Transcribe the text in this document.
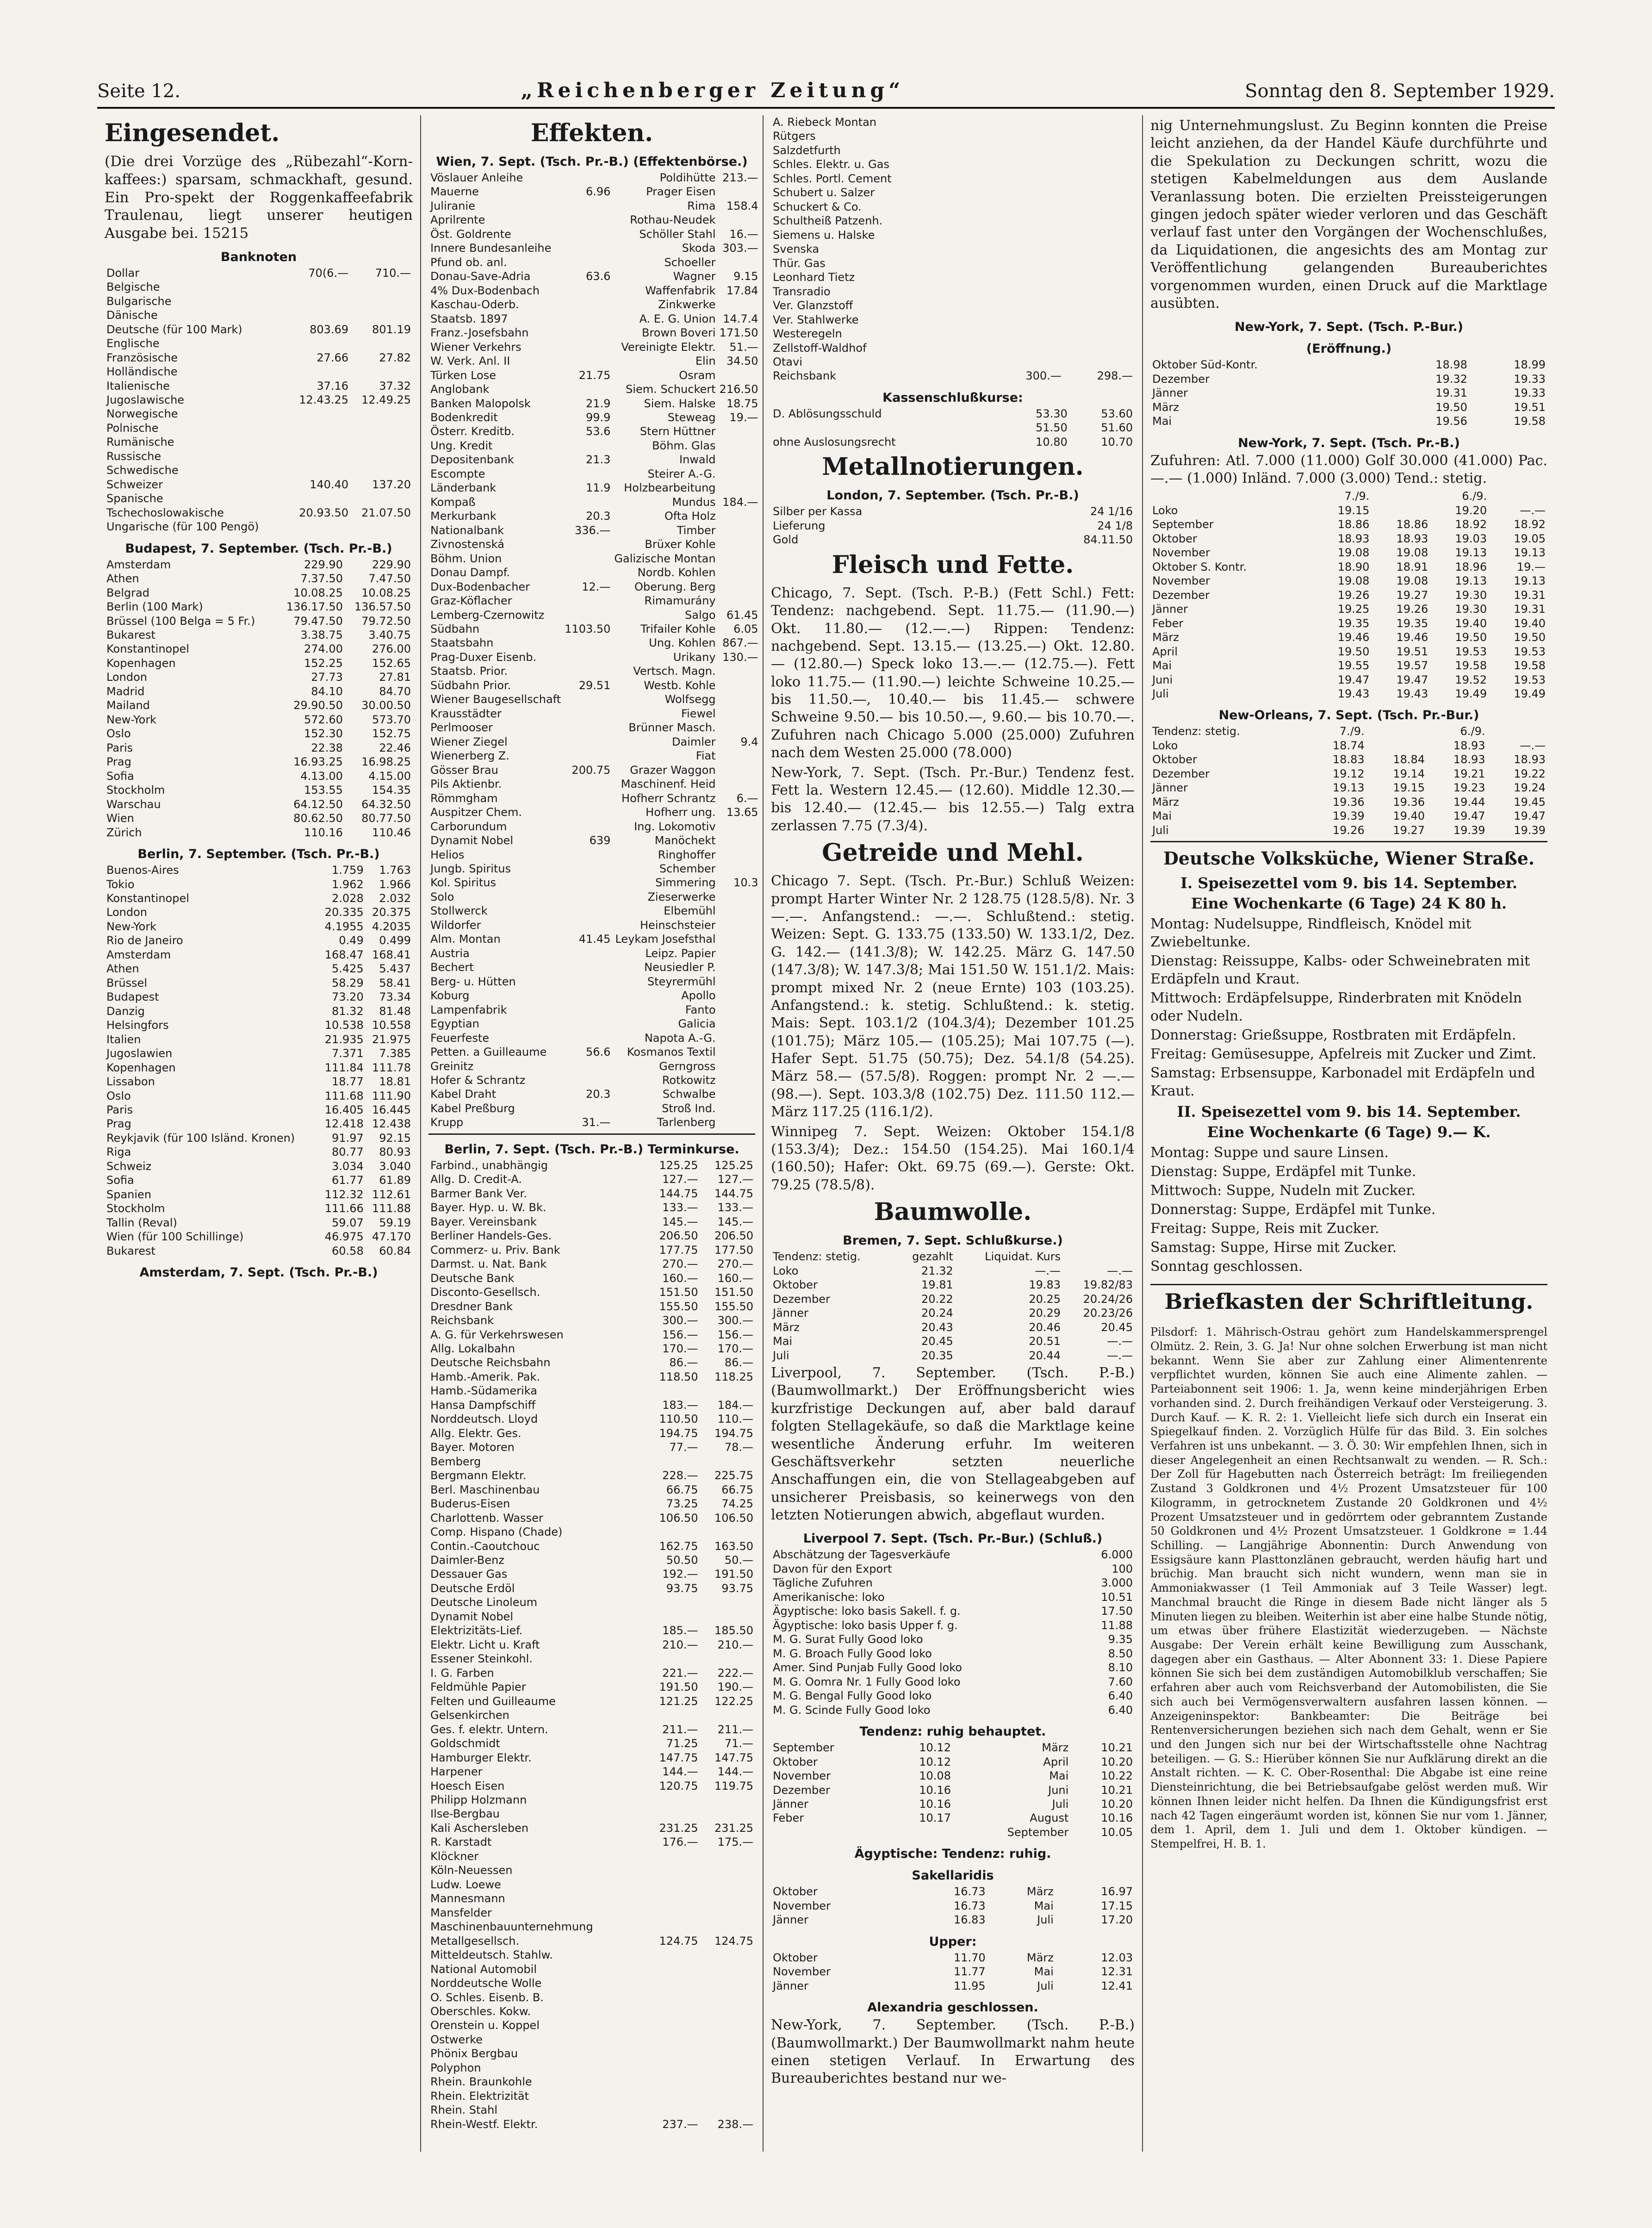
Seite 12.	„Reichenberger Zeitung“	Sonntag den 8. September 1929.
Eingesendet.

(Die drei Vorzüge des „Rübezahl“-Korn-kaffees:) sparsam, schmackhaft, gesund. Ein Pro-spekt der Roggenkaffeefabrik Traulenau, liegt unserer heutigen Ausgabe bei. 15215

Banknoten
Dollar	70(6.—	710.—
Belgische		
Bulgarische		
Dänische		
Deutsche (für 100 Mark)	803.69	801.19
Englische		
Französische	27.66	27.82
Holländische		
Italienische	37.16	37.32
Jugoslawische	12.43.25	12.49.25
Norwegische		
Polnische		
Rumänische		
Russische		
Schwedische		
Schweizer	140.40	137.20
Spanische		
Tschechoslowakische	20.93.50	21.07.50
Ungarische (für 100 Pengö)		
Budapest, 7. September. (Tsch. Pr.-B.)
Amsterdam	229.90	229.90
Athen	7.37.50	7.47.50
Belgrad	10.08.25	10.08.25
Berlin (100 Mark)	136.17.50	136.57.50
Brüssel (100 Belga = 5 Fr.)	79.47.50	79.72.50
Bukarest	3.38.75	3.40.75
Konstantinopel	274.00	276.00
Kopenhagen	152.25	152.65
London	27.73	27.81
Madrid	84.10	84.70
Mailand	29.90.50	30.00.50
New-York	572.60	573.70
Oslo	152.30	152.75
Paris	22.38	22.46
Prag	16.93.25	16.98.25
Sofia	4.13.00	4.15.00
Stockholm	153.55	154.35
Warschau	64.12.50	64.32.50
Wien	80.62.50	80.77.50
Zürich	110.16	110.46
Berlin, 7. September. (Tsch. Pr.-B.)
Buenos-Aires	1.759	1.763
Tokio	1.962	1.966
Konstantinopel	2.028	2.032
London	20.335	20.375
New-York	4.1955	4.2035
Rio de Janeiro	0.49	0.499
Amsterdam	168.47	168.41
Athen	5.425	5.437
Brüssel	58.29	58.41
Budapest	73.20	73.34
Danzig	81.32	81.48
Helsingfors	10.538	10.558
Italien	21.935	21.975
Jugoslawien	7.371	7.385
Kopenhagen	111.84	111.78
Lissabon	18.77	18.81
Oslo	111.68	111.90
Paris	16.405	16.445
Prag	12.418	12.438
Reykjavik (für 100 Isländ. Kronen)	91.97	92.15
Riga	80.77	80.93
Schweiz	3.034	3.040
Sofia	61.77	61.89
Spanien	112.32	112.61
Stockholm	111.66	111.88
Tallin (Reval)	59.07	59.19
Wien (für 100 Schillinge)	46.975	47.170
Bukarest	60.58	60.84
Amsterdam, 7. Sept. (Tsch. Pr.-B.)
Effekten.
Wien, 7. Sept. (Tsch. Pr.-B.) (Effektenbörse.)
Vöslauer Anleihe		Poldihütte	213.—
Mauerne	6.96	Prager Eisen	
Juliranie		Rima	158.4
Aprilrente		Rothau-Neudek	
Öst. Goldrente		Schöller Stahl	16.—
Innere Bundesanleihe		Skoda	303.—
Pfund ob. anl.		Schoeller	
Donau-Save-Adria	63.6	Wagner	9.15
4% Dux-Bodenbach		Waffenfabrik	17.84
Kaschau-Oderb.		Zinkwerke	
Staatsb. 1897		A. E. G. Union	14.7.4
Franz.-Josefsbahn		Brown Boveri	171.50
Wiener Verkehrs		Vereinigte Elektr.	51.—
W. Verk. Anl. II		Elin	34.50
Türken Lose	21.75	Osram	
Anglobank		Siem. Schuckert	216.50
Banken Malopolsk	21.9	Siem. Halske	18.75
Bodenkredit	99.9	Steweag	19.—
Österr. Kreditb.	53.6	Stern Hüttner	
Ung. Kredit		Böhm. Glas	
Depositenbank	21.3	Inwald	
Escompte		Steirer A.-G.	
Länderbank	11.9	Holzbearbeitung	
Kompaß		Mundus	184.—
Merkurbank	20.3	Ofta Holz	
Nationalbank	336.—	Timber	
Zivnostenská		Brüxer Kohle	
Böhm. Union		Galizische Montan	
Donau Dampf.		Nordb. Kohlen	
Dux-Bodenbacher	12.—	Oberung. Berg	
Graz-Köflacher		Rimamurány	
Lemberg-Czernowitz		Salgo	61.45
Südbahn	1103.50	Trifailer Kohle	6.05
Staatsbahn		Ung. Kohlen	867.—
Prag-Duxer Eisenb.		Urikany	130.—
Staatsb. Prior.		Vertsch. Magn.	
Südbahn Prior.	29.51	Westb. Kohle	
Wiener Baugesellschaft		Wolfsegg	
Krausstädter		Fiewel	
Perlmooser		Brünner Masch.	
Wiener Ziegel		Daimler	9.4
Wienerberg Z.		Fiat	
Gösser Brau	200.75	Grazer Waggon	
Pils Aktienbr.		Maschinenf. Heid	
Römmgham		Hofherr Schrantz	6.—
Auspitzer Chem.		Hofherr ung.	13.65
Carborundum		Ing. Lokomotiv	
Dynamit Nobel	639	Manöchekt	
Helios		Ringhoffer	
Jungb. Spiritus		Schember	
Kol. Spiritus		Simmering	10.3
Solo		Zieserwerke	
Stollwerck		Elbemühl	
Wildorfer		Heinschsteier	
Alm. Montan	41.45	Leykam Josefsthal	
Austria		Leipz. Papier	
Bechert		Neusiedler P.	
Berg- u. Hütten		Steyrermühl	
Koburg		Apollo	
Lampenfabrik		Fanto	
Egyptian		Galicia	
Feuerfeste		Napota A.-G.	
Petten. a Guilleaume	56.6	Kosmanos Textil	
Greinitz		Gerngross	
Hofer & Schrantz		Rotkowitz	
Kabel Draht	20.3	Schwalbe	
Kabel Preßburg		Stroß Ind.	
Krupp	31.—	Tarlenberg	
Berlin, 7. Sept. (Tsch. Pr.-B.) Terminkurse.
Farbind., unabhängig	125.25	125.25
Allg. D. Credit-A.	127.—	127.—
Barmer Bank Ver.	144.75	144.75
Bayer. Hyp. u. W. Bk.	133.—	133.—
Bayer. Vereinsbank	145.—	145.—
Berliner Handels-Ges.	206.50	206.50
Commerz- u. Priv. Bank	177.75	177.50
Darmst. u. Nat. Bank	270.—	270.—
Deutsche Bank	160.—	160.—
Disconto-Gesellsch.	151.50	151.50
Dresdner Bank	155.50	155.50
Reichsbank	300.—	300.—
A. G. für Verkehrswesen	156.—	156.—
Allg. Lokalbahn	170.—	170.—
Deutsche Reichsbahn	86.—	86.—
Hamb.-Amerik. Pak.	118.50	118.25
Hamb.-Südamerika		
Hansa Dampfschiff	183.—	184.—
Norddeutsch. Lloyd	110.50	110.—
Allg. Elektr. Ges.	194.75	194.75
Bayer. Motoren	77.—	78.—
Bemberg		
Bergmann Elektr.	228.—	225.75
Berl. Maschinenbau	66.75	66.75
Buderus-Eisen	73.25	74.25
Charlottenb. Wasser	106.50	106.50
Comp. Hispano (Chade)		
Contin.-Caoutchouc	162.75	163.50
Daimler-Benz	50.50	50.—
Dessauer Gas	192.—	191.50
Deutsche Erdöl	93.75	93.75
Deutsche Linoleum		
Dynamit Nobel		
Elektrizitäts-Lief.	185.—	185.50
Elektr. Licht u. Kraft	210.—	210.—
Essener Steinkohl.		
I. G. Farben	221.—	222.—
Feldmühle Papier	191.50	190.—
Felten und Guilleaume	121.25	122.25
Gelsenkirchen		
Ges. f. elektr. Untern.	211.—	211.—
Goldschmidt	71.25	71.—
Hamburger Elektr.	147.75	147.75
Harpener	144.—	144.—
Hoesch Eisen	120.75	119.75
Philipp Holzmann		
Ilse-Bergbau		
Kali Aschersleben	231.25	231.25
R. Karstadt	176.—	175.—
Klöckner		
Köln-Neuessen		
Ludw. Loewe		
Mannesmann		
Mansfelder		
Maschinenbauunternehmung		
Metallgesellsch.	124.75	124.75
Mitteldeutsch. Stahlw.		
National Automobil		
Norddeutsche Wolle		
O. Schles. Eisenb. B.		
Oberschles. Kokw.		
Orenstein u. Koppel		
Ostwerke		
Phönix Bergbau		
Polyphon		
Rhein. Braunkohle		
Rhein. Elektrizität		
Rhein. Stahl		
Rhein-Westf. Elektr.	237.—	238.—
A. Riebeck Montan		
Rütgers		
Salzdetfurth		
Schles. Elektr. u. Gas		
Schles. Portl. Cement		
Schubert u. Salzer		
Schuckert & Co.		
Schultheiß Patzenh.		
Siemens u. Halske		
Svenska		
Thür. Gas		
Leonhard Tietz		
Transradio		
Ver. Glanzstoff		
Ver. Stahlwerke		
Westeregeln		
Zellstoff-Waldhof		
Otavi		
Reichsbank	300.—	298.—
Kassenschlußkurse:
D. Ablösungsschuld	53.30	53.60
	51.50	51.60
ohne Auslosungsrecht	10.80	10.70
Metallnotierungen.
London, 7. September. (Tsch. Pr.-B.)
Silber per Kassa	24 1/16
Lieferung	24 1/8
Gold	84.11.50
Fleisch und Fette.

Chicago, 7. Sept. (Tsch. P.-B.) (Fett Schl.) Fett: Tendenz: nachgebend. Sept. 11.75.— (11.90.—) Okt. 11.80.— (12.—.—) Rippen: Tendenz: nachgebend. Sept. 13.15.— (13.25.—) Okt. 12.80.— (12.80.—) Speck loko 13.—.— (12.75.—). Fett loko 11.75.— (11.90.—) leichte Schweine 10.25.— bis 11.50.—, 10.40.— bis 11.45.— schwere Schweine 9.50.— bis 10.50.—, 9.60.— bis 10.70.—. Zufuhren nach Chicago 5.000 (25.000) Zufuhren nach dem Westen 25.000 (78.000)

New-York, 7. Sept. (Tsch. Pr.-Bur.) Tendenz fest. Fett la. Western 12.45.— (12.60). Middle 12.30.— bis 12.40.— (12.45.— bis 12.55.—) Talg extra zerlassen 7.75 (7.3/4).

Getreide und Mehl.

Chicago 7. Sept. (Tsch. Pr.-Bur.) Schluß Weizen: prompt Harter Winter Nr. 2 128.75 (128.5/8). Nr. 3 —.—. Anfangstend.: —.—. Schlußtend.: stetig. Weizen: Sept. G. 133.75 (133.50) W. 133.1/2, Dez. G. 142.— (141.3/8); W. 142.25. März G. 147.50 (147.3/8); W. 147.3/8; Mai 151.50 W. 151.1/2. Mais: prompt mixed Nr. 2 (neue Ernte) 103 (103.25). Anfangstend.: k. stetig. Schlußtend.: k. stetig. Mais: Sept. 103.1/2 (104.3/4); Dezember 101.25 (101.75); März 105.— (105.25); Mai 107.75 (—). Hafer Sept. 51.75 (50.75); Dez. 54.1/8 (54.25). März 58.— (57.5/8). Roggen: prompt Nr. 2 —.— (98.—). Sept. 103.3/8 (102.75) Dez. 111.50 112.— März 117.25 (116.1/2).

Winnipeg 7. Sept. Weizen: Oktober 154.1/8 (153.3/4); Dez.: 154.50 (154.25). Mai 160.1/4 (160.50); Hafer: Okt. 69.75 (69.—). Gerste: Okt. 79.25 (78.5/8).

Baumwolle.
Bremen, 7. Sept. Schlußkurse.)
Tendenz: stetig.	gezahlt	Liquidat. Kurs	
Loko	21.32	—.—	—.—
Oktober	19.81	19.83	19.82/83
Dezember	20.22	20.25	20.24/26
Jänner	20.24	20.29	20.23/26
März	20.43	20.46	20.45
Mai	20.45	20.51	—.—
Juli	20.35	20.44	—.—

Liverpool, 7. September. (Tsch. P.-B.) (Baumwollmarkt.) Der Eröffnungsbericht wies kurzfristige Deckungen auf, aber bald darauf folgten Stellagekäufe, so daß die Marktlage keine wesentliche Änderung erfuhr. Im weiteren Geschäftsverkehr setzten neuerliche Anschaffungen ein, die von Stellageabgeben auf unsicherer Preisbasis, so keinerwegs von den letzten Notierungen abwich, abgeflaut wurden.

Liverpool 7. Sept. (Tsch. Pr.-Bur.) (Schluß.)
Abschätzung der Tagesverkäufe	6.000
Davon für den Export	100
Tägliche Zufuhren	3.000
Amerikanische: loko	10.51
Ägyptische: loko basis Sakell. f. g.	17.50
Ägyptische: loko basis Upper f. g.	11.88
M. G. Surat Fully Good loko	9.35
M. G. Broach Fully Good loko	8.50
Amer. Sind Punjab Fully Good loko	8.10
M. G. Oomra Nr. 1 Fully Good loko	7.60
M. G. Bengal Fully Good loko	6.40
M. G. Scinde Fully Good loko	6.40
Tendenz: ruhig behauptet.
September	10.12	März	10.21
Oktober	10.12	April	10.20
November	10.08	Mai	10.22
Dezember	10.16	Juni	10.21
Jänner	10.16	Juli	10.20
Feber	10.17	August	10.16
		September	10.05
Ägyptische: Tendenz: ruhig.
Sakellaridis
Oktober	16.73	März	16.97
November	16.73	Mai	17.15
Jänner	16.83	Juli	17.20
Upper:
Oktober	11.70	März	12.03
November	11.77	Mai	12.31
Jänner	11.95	Juli	12.41
Alexandria geschlossen.

New-York, 7. September. (Tsch. P.-B.) (Baumwollmarkt.) Der Baumwollmarkt nahm heute einen stetigen Verlauf. In Erwartung des Bureauberichtes bestand nur we-

nig Unternehmungslust. Zu Beginn konnten die Preise leicht anziehen, da der Handel Käufe durchführte und die Spekulation zu Deckungen schritt, wozu die stetigen Kabelmeldungen aus dem Auslande Veranlassung boten. Die erzielten Preissteigerungen gingen jedoch später wieder verloren und das Geschäft verlauf fast unter den Vorgängen der Wochenschlußes, da Liquidationen, die angesichts des am Montag zur Veröffentlichung gelangenden Bureauberichtes vorgenommen wurden, einen Druck auf die Marktlage ausübten.

New-York, 7. Sept. (Tsch. P.-Bur.)
(Eröffnung.)
Oktober Süd-Kontr.	18.98	18.99
Dezember	19.32	19.33
Jänner	19.31	19.33
März	19.50	19.51
Mai	19.56	19.58
New-York, 7. Sept. (Tsch. Pr.-B.)

Zufuhren: Atl. 7.000 (11.000) Golf 30.000 (41.000) Pac. —.— (1.000) Inländ. 7.000 (3.000) Tend.: stetig.

	7./9.		6./9.	
Loko	19.15		19.20	—.—
September	18.86	18.86	18.92	18.92
Oktober	18.93	18.93	19.03	19.05
November	19.08	19.08	19.13	19.13
Oktober S. Kontr.	18.90	18.91	18.96	19.—
November	19.08	19.08	19.13	19.13
Dezember	19.26	19.27	19.30	19.31
Jänner	19.25	19.26	19.30	19.31
Feber	19.35	19.35	19.40	19.40
März	19.46	19.46	19.50	19.50
April	19.50	19.51	19.53	19.53
Mai	19.55	19.57	19.58	19.58
Juni	19.47	19.47	19.52	19.53
Juli	19.43	19.43	19.49	19.49
New-Orleans, 7. Sept. (Tsch. Pr.-Bur.)
Tendenz: stetig.	7./9.		6./9.	
Loko	18.74		18.93	—.—
Oktober	18.83	18.84	18.93	18.93
Dezember	19.12	19.14	19.21	19.22
Jänner	19.13	19.15	19.23	19.24
März	19.36	19.36	19.44	19.45
Mai	19.39	19.40	19.47	19.47
Juli	19.26	19.27	19.39	19.39
Deutsche Volksküche, Wiener Straße.
I. Speisezettel vom 9. bis 14. September.
Eine Wochenkarte (6 Tage) 24 K 80 h.

Montag: Nudelsuppe, Rindfleisch, Knödel mit Zwiebeltunke.

Dienstag: Reissuppe, Kalbs- oder Schweinebraten mit Erdäpfeln und Kraut.

Mittwoch: Erdäpfelsuppe, Rinderbraten mit Knödeln oder Nudeln.

Donnerstag: Grießsuppe, Rostbraten mit Erdäpfeln.

Freitag: Gemüsesuppe, Apfelreis mit Zucker und Zimt.

Samstag: Erbsensuppe, Karbonadel mit Erdäpfeln und Kraut.

II. Speisezettel vom 9. bis 14. September.
Eine Wochenkarte (6 Tage) 9.— K.

Montag: Suppe und saure Linsen.

Dienstag: Suppe, Erdäpfel mit Tunke.

Mittwoch: Suppe, Nudeln mit Zucker.

Donnerstag: Suppe, Erdäpfel mit Tunke.

Freitag: Suppe, Reis mit Zucker.

Samstag: Suppe, Hirse mit Zucker.

Sonntag geschlossen.

Briefkasten der Schriftleitung.

Pilsdorf: 1. Mährisch-Ostrau gehört zum Handelskammersprengel Olmütz. 2. Rein, 3. G. Ja! Nur ohne solchen Erwerbung ist man nicht bekannt. Wenn Sie aber zur Zahlung einer Alimentenrente verpflichtet wurden, können Sie auch eine Alimente zahlen. — Parteiabonnent seit 1906: 1. Ja, wenn keine minderjährigen Erben vorhanden sind. 2. Durch freihändigen Verkauf oder Versteigerung. 3. Durch Kauf. — K. R. 2: 1. Vielleicht liefe sich durch ein Inserat ein Spiegelkauf finden. 2. Vorzüglich Hülfe für das Bild. 3. Ein solches Verfahren ist uns unbekannt. — 3. Ö. 30: Wir empfehlen Ihnen, sich in dieser Angelegenheit an einen Rechtsanwalt zu wenden. — R. Sch.: Der Zoll für Hagebutten nach Österreich beträgt: Im freiliegenden Zustand 3 Goldkronen und 4½ Prozent Umsatzsteuer für 100 Kilogramm, in getrocknetem Zustande 20 Goldkronen und 4½ Prozent Umsatzsteuer und in gedörrtem oder gebranntem Zustande 50 Goldkronen und 4½ Prozent Umsatzsteuer. 1 Goldkrone = 1.44 Schilling. — Langjährige Abonnentin: Durch Anwendung von Essigsäure kann Plasttonzlänen gebraucht, werden häufig hart und brüchig. Man braucht sich nicht wundern, wenn man sie in Ammoniakwasser (1 Teil Ammoniak auf 3 Teile Wasser) legt. Manchmal braucht die Ringe in diesem Bade nicht länger als 5 Minuten liegen zu bleiben. Weiterhin ist aber eine halbe Stunde nötig, um etwas über frühere Elastizität wiederzugeben. — Nächste Ausgabe: Der Verein erhält keine Bewilligung zum Ausschank, dagegen aber ein Gasthaus. — Alter Abonnent 33: 1. Diese Papiere können Sie sich bei dem zuständigen Automobilklub verschaffen; Sie erfahren aber auch vom Reichsverband der Automobilisten, die Sie sich auch bei Vermögensverwaltern ausfahren lassen können. — Anzeigeninspektor: Bankbeamter: Die Beiträge bei Rentenversicherungen beziehen sich nach dem Gehalt, wenn er Sie und den Jungen sich nur bei der Wirtschaftsstelle ohne Nachtrag beteiligen. — G. S.: Hierüber können Sie nur Aufklärung direkt an die Anstalt richten. — K. C. Ober-Rosenthal: Die Abgabe ist eine reine Diensteinrichtung, die bei Betriebsaufgabe gelöst werden muß. Wir können Ihnen leider nicht helfen. Da Ihnen die Kündigungsfrist erst nach 42 Tagen eingeräumt worden ist, können Sie nur vom 1. Jänner, dem 1. April, dem 1. Juli und dem 1. Oktober kündigen. — Stempelfrei, H. B. 1.
